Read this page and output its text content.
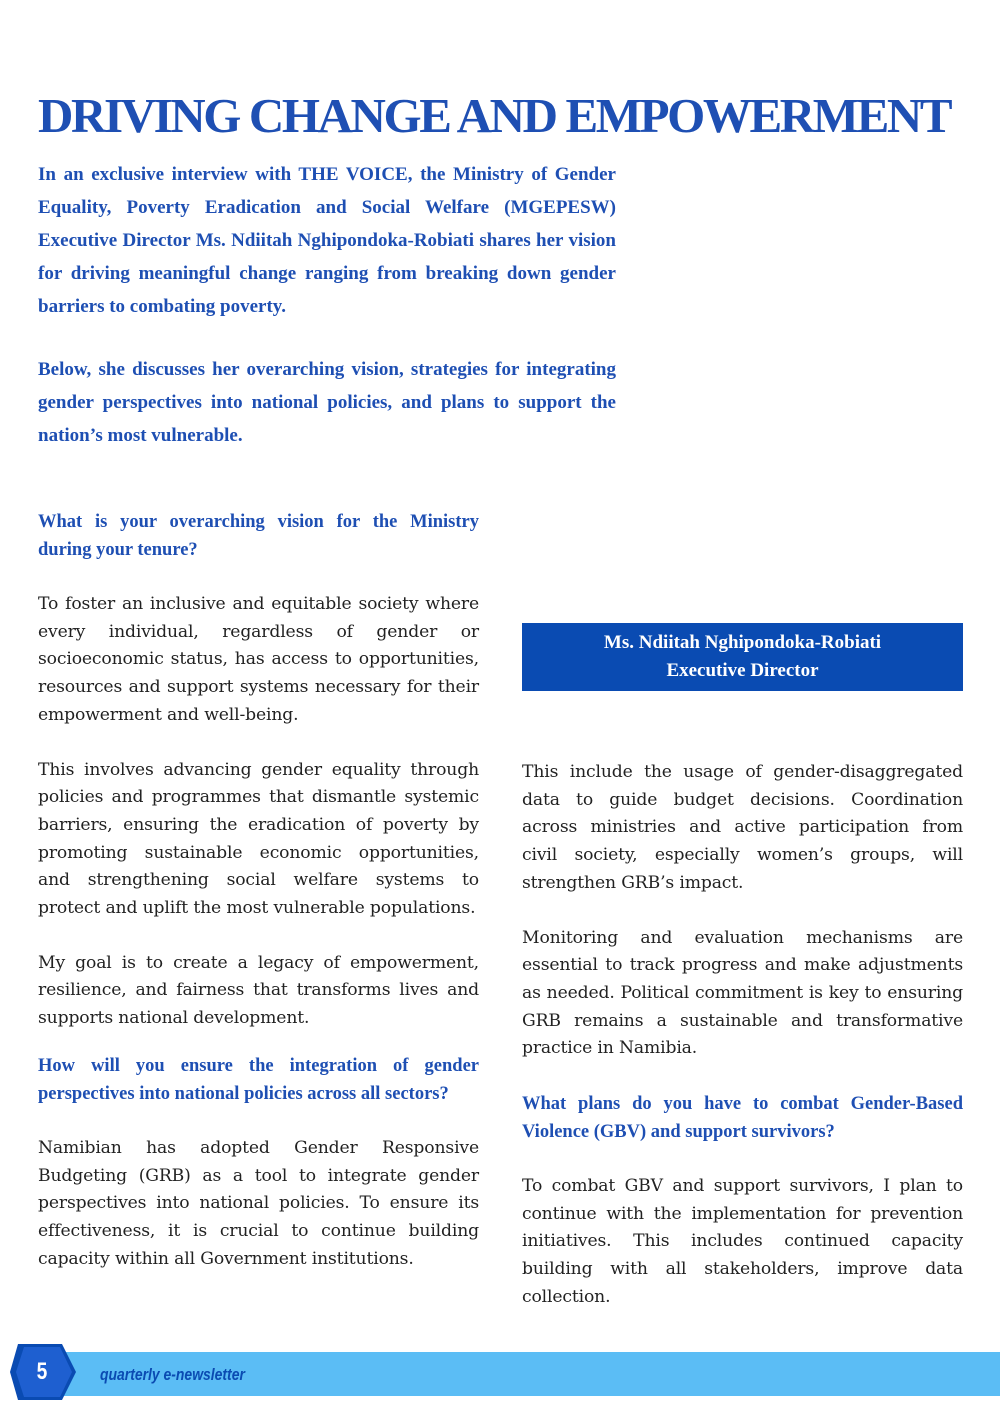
DRIVING CHANGE AND EMPOWERMENT

In an exclusive interview with THE VOICE, the Ministry of Gender Equality, Poverty Eradication and Social Welfare (MGEPESW) Executive Director Ms. Ndiitah Nghipondoka-Robiati shares her vision for driving meaningful change ranging from breaking down gender barriers to combating poverty.

Below, she discusses her overarching vision, strategies for integrating gender perspectives into national policies, and plans to support the nation’s most vulnerable.

What is your overarching vision for the Ministry during your tenure?

To foster an inclusive and equitable society where every individual, regardless of gender or socioeconomic status, has access to opportunities, resources and support systems necessary for their empowerment and well-being.

This involves advancing gender equality through policies and programmes that dismantle systemic barriers, ensuring the eradication of poverty by promoting sustainable economic opportunities, and strengthening social welfare systems to protect and uplift the most vulnerable populations.

My goal is to create a legacy of empowerment, resilience, and fairness that transforms lives and supports national development.

How will you ensure the integration of gender perspectives into national policies across all sectors?

Namibian has adopted Gender Responsive Budgeting (GRB) as a tool to integrate gender perspectives into national policies. To ensure its effectiveness, it is crucial to continue building capacity within all Government institutions.

Ms. Ndiitah Nghipondoka-Robiati
Executive Director

This include the usage of gender-disaggregated data to guide budget decisions. Coordination across ministries and active participation from civil society, especially women’s groups, will strengthen GRB’s impact.

Monitoring and evaluation mechanisms are essential to track progress and make adjustments as needed. Political commitment is key to ensuring GRB remains a sustainable and transformative practice in Namibia.

What plans do you have to combat Gender-Based Violence (GBV) and support survivors?

To combat GBV and support survivors, I plan to continue with the implementation for prevention initiatives. This includes continued capacity building with all stakeholders, improve data collection.

5	quarterly e-newsletter
